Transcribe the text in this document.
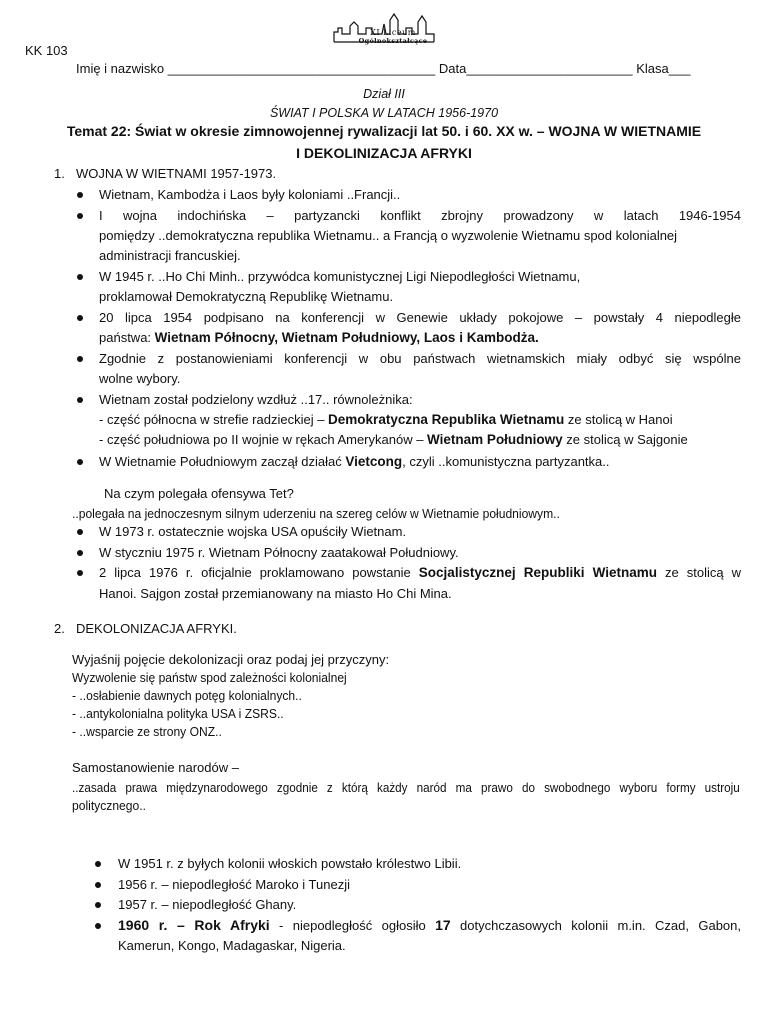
KK 103
XI Liceum
Ogólnokształcące
Imię i nazwisko _____________________________________ Data_______________________ Klasa___
Dział III
ŚWIAT I POLSKA W LATACH 1956-1970
Temat 22: Świat w okresie zimnowojennej rywalizacji lat 50. i 60. XX w. – WOJNA W WIETNAMIE
I DEKOLINIZACJA AFRYKI
1. WOJNA W WIETNAMI 1957-1973.
Wietnam, Kambodża i Laos były koloniami ..Francji..
I wojna indochińska – partyzancki konflikt zbrojny prowadzony w latach 1946-1954
pomiędzy ..demokratyczna republika Wietnamu.. a Francją o wyzwolenie Wietnamu spod kolonialnej
administracji francuskiej.
W 1945 r. ..Ho Chi Minh.. przywódca komunistycznej Ligi Niepodległości Wietnamu,
proklamował Demokratyczną Republikę Wietnamu.
20 lipca 1954 podpisano na konferencji w Genewie układy pokojowe – powstały 4 niepodległe
państwa: Wietnam Północny, Wietnam Południowy, Laos i Kambodża.
Zgodnie z postanowieniami konferencji w obu państwach wietnamskich miały odbyć się wspólne
wolne wybory.
Wietnam został podzielony wzdłuż ..17.. równoleżnika:
- część północna w strefie radzieckiej – Demokratyczna Republika Wietnamu ze stolicą w Hanoi
- część południowa po II wojnie w rękach Amerykanów – Wietnam Południowy ze stolicą w Sajgonie
W Wietnamie Południowym zaczął działać Vietcong, czyli ..komunistyczna partyzantka..
Na czym polegała ofensywa Tet?
..polegała na jednoczesnym silnym uderzeniu na szereg celów w Wietnamie południowym..
W 1973 r. ostatecznie wojska USA opuściły Wietnam.
W styczniu 1975 r. Wietnam Północny zaatakował Południowy.
2 lipca 1976 r. oficjalnie proklamowano powstanie Socjalistycznej Republiki Wietnamu ze stolicą w
Hanoi. Sajgon został przemianowany na miasto Ho Chi Mina.
2. DEKOLONIZACJA AFRYKI.
Wyjaśnij pojęcie dekolonizacji oraz podaj jej przyczyny:
Wyzwolenie się państw spod zależności kolonialnej
- ..osłabienie dawnych potęg kolonialnych..
- ..antykolonialna polityka USA i ZSRS..
- ..wsparcie ze strony ONZ..
Samostanowienie narodów –
..zasada prawa międzynarodowego zgodnie z którą każdy naród ma prawo do swobodnego wyboru formy ustroju
politycznego..
W 1951 r. z byłych kolonii włoskich powstało królestwo Libii.
1956 r. – niepodległość Maroko i Tunezji
1957 r. – niepodległość Ghany.
1960 r. – Rok Afryki - niepodległość ogłosiło 17 dotychczasowych kolonii m.in. Czad, Gabon,
Kamerun, Kongo, Madagaskar, Nigeria.
